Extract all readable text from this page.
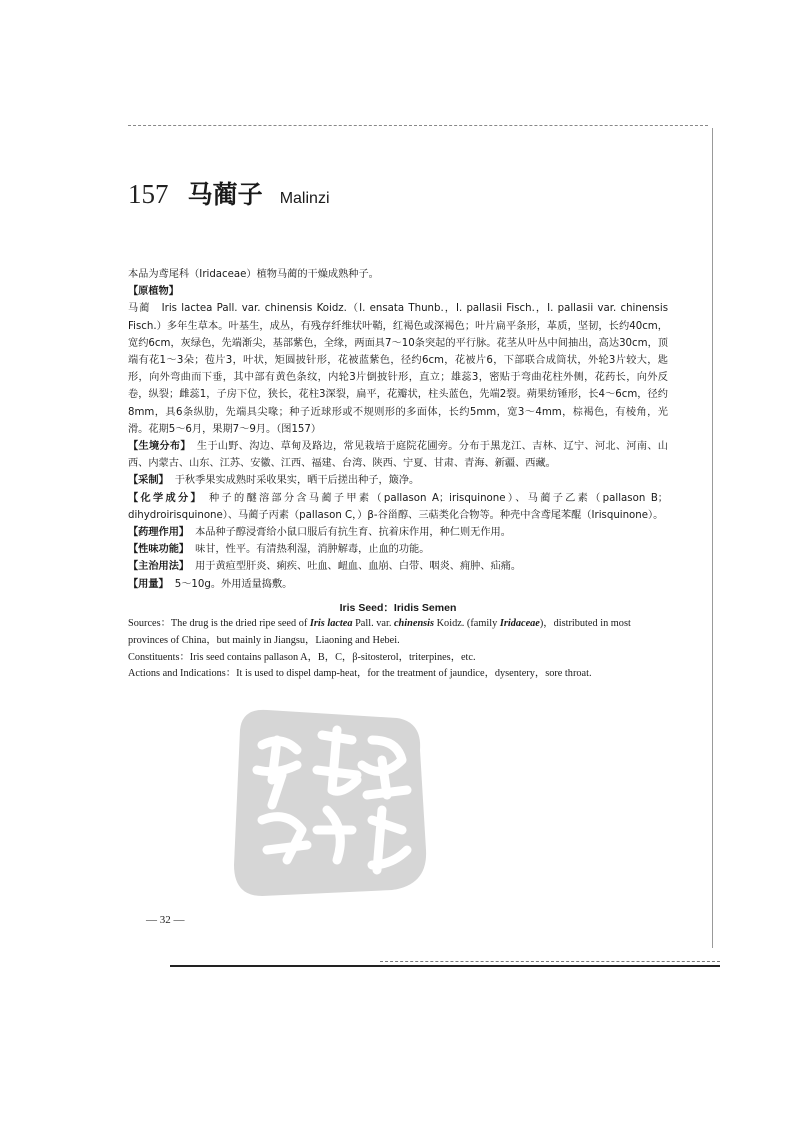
157 马蔺子 Malinzi

本品为鸢尾科（Iridaceae）植物马蔺的干燥成熟种子。

【原植物】

马蔺　Iris lactea Pall. var. chinensis Koidz.（I. ensata Thunb.，I. pallasii Fisch.，I. pallasii var. chinensis Fisch.）多年生草本。叶基生，成丛，有残存纤维状叶鞘，红褐色或深褐色；叶片扁平条形，革质，坚韧，长约40cm，宽约6cm，灰绿色，先端渐尖，基部紫色，全缘，两面具7～10条突起的平行脉。花茎从叶丛中间抽出，高达30cm，顶端有花1～3朵；苞片3，叶状，矩圆披针形，花被蓝紫色，径约6cm，花被片6，下部联合成筒状，外轮3片较大，匙形，向外弯曲而下垂，其中部有黄色条纹，内轮3片倒披针形，直立；雄蕊3，密贴于弯曲花柱外侧，花药长，向外反卷，纵裂；雌蕊1，子房下位，狭长，花柱3深裂，扁平，花瓣状，柱头蓝色，先端2裂。蒴果纺锤形，长4～6cm，径约8mm，具6条纵肋，先端具尖喙；种子近球形或不规则形的多面体，长约5mm，宽3～4mm，棕褐色，有棱角，光滑。花期5～6月，果期7～9月。（图157）

【生境分布】 生于山野、沟边、草甸及路边，常见栽培于庭院花圃旁。分布于黑龙江、吉林、辽宁、河北、河南、山西、内蒙古、山东、江苏、安徽、江西、福建、台湾、陕西、宁夏、甘肃、青海、新疆、西藏。

【采制】 于秋季果实成熟时采收果实，晒干后搓出种子，簸净。

【化学成分】 种子的醚溶部分含马蔺子甲素（pallason A；irisquinone）、马蔺子乙素（pallason B；dihydroirisquinone）、马蔺子丙素（pallason C，）β-谷甾醇、三萜类化合物等。种壳中含鸢尾苯醌（Irisquinone）。

【药理作用】 本品种子醇浸膏给小鼠口服后有抗生育、抗着床作用，种仁则无作用。

【性味功能】 味甘，性平。有清热利湿，消肿解毒，止血的功能。

【主治用法】 用于黄疸型肝炎、痢疾、吐血、衄血、血崩、白带、咽炎、痈肿、疝痛。

【用量】 5～10g。外用适量捣敷。

Iris Seed：Iridis Semen

Sources：The drug is the dried ripe seed of Iris lactea Pall. var. chinensis Koidz. (family Iridaceae)，distributed in most provinces of China，but mainly in Jiangsu，Liaoning and Hebei.

Constituents：Iris seed contains pallason A，B，C，β-sitosterol，triterpines，etc.

Actions and Indications：It is used to dispel damp-heat，for the treatment of jaundice，dysentery，sore throat.

— 32 —
